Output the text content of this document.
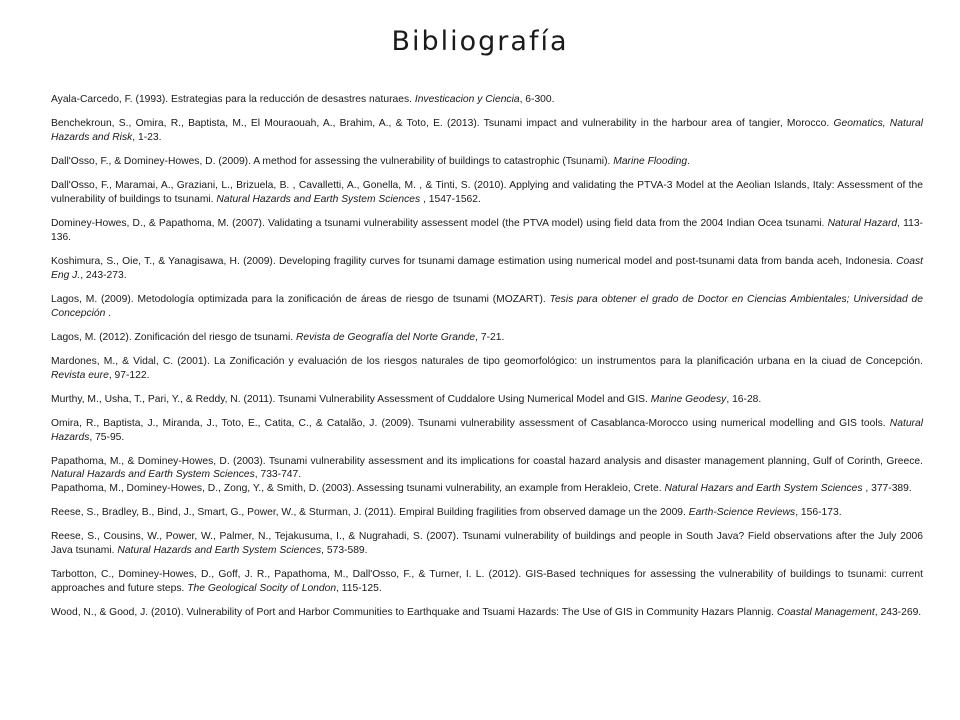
Bibliografía
Ayala-Carcedo, F. (1993). Estrategias para la reducción de desastres naturaes. Investicacion y Ciencia, 6-300.
Benchekroun, S., Omira, R., Baptista, M., El Mouraouah, A., Brahim, A., & Toto, E. (2013). Tsunami impact and vulnerability in the harbour area of tangier, Morocco. Geomatics, Natural Hazards and Risk, 1-23.
Dall'Osso, F., & Dominey-Howes, D. (2009). A method for assessing the vulnerability of buildings to catastrophic (Tsunami). Marine Flooding.
Dall'Osso, F., Maramai, A., Graziani, L., Brizuela, B. , Cavalletti, A., Gonella, M. , & Tinti, S. (2010). Applying and validating the PTVA-3 Model at the Aeolian Islands, Italy: Assessment of the vulnerability of buildings to tsunami. Natural Hazards and Earth System Sciences , 1547-1562.
Dominey-Howes, D., & Papathoma, M. (2007). Validating a tsunami vulnerability assessent model (the PTVA model) using field data from the 2004 Indian Ocea tsunami. Natural Hazard, 113-136.
Koshimura, S., Oie, T., & Yanagisawa, H. (2009). Developing fragility curves for tsunami damage estimation using numerical model and post-tsunami data from banda aceh, Indonesia. Coast Eng J., 243-273.
Lagos, M. (2009). Metodología optimizada para la zonificación de áreas de riesgo de tsunami (MOZART). Tesis para obtener el grado de Doctor en Ciencias Ambientales; Universidad de Concepción .
Lagos, M. (2012). Zonificación del riesgo de tsunami. Revista de Geografía del Norte Grande, 7-21.
Mardones, M., & Vidal, C. (2001). La Zonificación y evaluación de los riesgos naturales de tipo geomorfológico: un instrumentos para la planificación urbana en la ciuad de Concepción. Revista eure, 97-122.
Murthy, M., Usha, T., Pari, Y., & Reddy, N. (2011). Tsunami Vulnerability Assessment of Cuddalore Using Numerical Model and GIS. Marine Geodesy, 16-28.
Omira, R., Baptista, J., Miranda, J., Toto, E., Catita, C., & Catalão, J. (2009). Tsunami vulnerability assessment of Casablanca-Morocco using numerical modelling and GIS tools. Natural Hazards, 75-95.
Papathoma, M., & Dominey-Howes, D. (2003). Tsunami vulnerability assessment and its implications for coastal hazard analysis and disaster management planning, Gulf of Corinth, Greece. Natural Hazards and Earth System Sciences, 733-747.
Papathoma, M., Dominey-Howes, D., Zong, Y., & Smith, D. (2003). Assessing tsunami vulnerability, an example from Herakleio, Crete. Natural Hazars and Earth System Sciences , 377-389.
Reese, S., Bradley, B., Bind, J., Smart, G., Power, W., & Sturman, J. (2011). Empiral Building fragilities from observed damage un the 2009. Earth-Science Reviews, 156-173.
Reese, S., Cousins, W., Power, W., Palmer, N., Tejakusuma, I., & Nugrahadi, S. (2007). Tsunami vulnerability of buildings and people in South Java? Field observations after the July 2006 Java tsunami. Natural Hazards and Earth System Sciences, 573-589.
Tarbotton, C., Dominey-Howes, D., Goff, J. R., Papathoma, M., Dall'Osso, F., & Turner, I. L. (2012). GIS-Based techniques for assessing the vulnerability of buildings to tsunami: current approaches and future steps. The Geological Socity of London, 115-125.
Wood, N., & Good, J. (2010). Vulnerability of Port and Harbor Communities to Earthquake and Tsuami Hazards: The Use of GIS in Community Hazars Plannig. Coastal Management, 243-269.
